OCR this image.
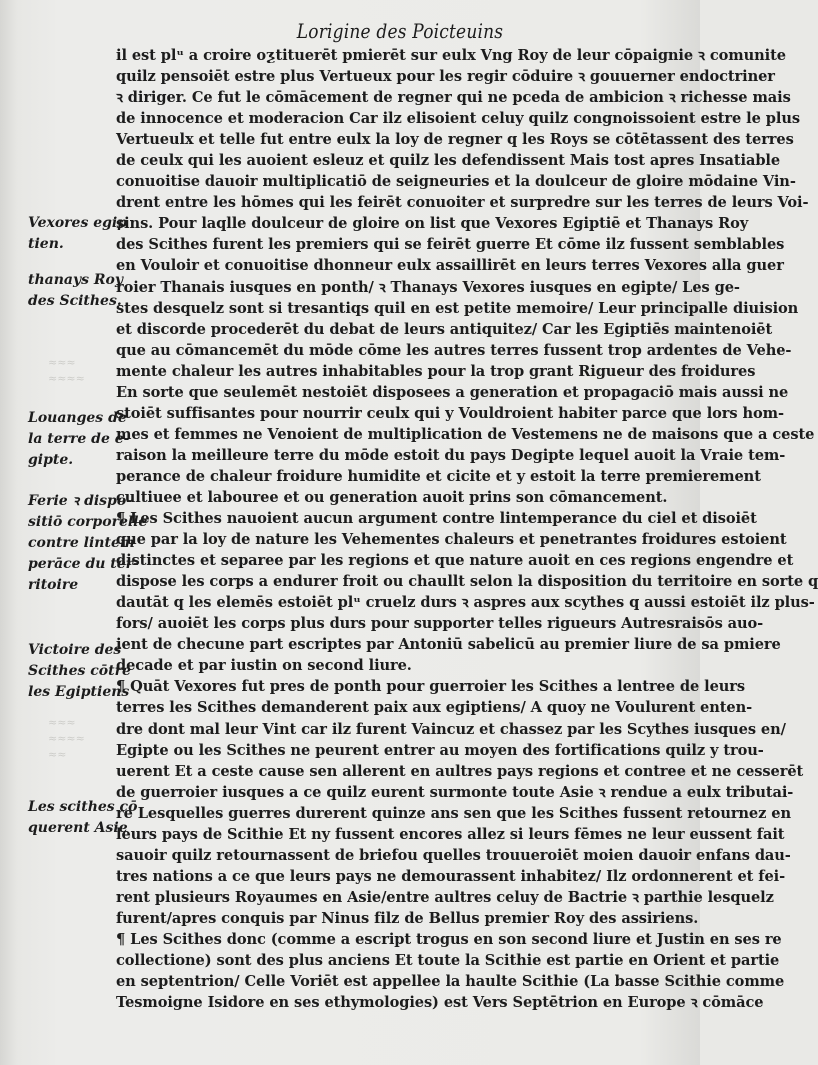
Lorigine des Poicteuins
≈≈≈
≈≈≈≈
≈≈≈
≈≈≈≈
≈≈
il est plᵘ a croire oƺtituerēt pmierēt sur eulx Vng Roy de leur cōpaignie ꝛ comunite
quilz pensoiēt estre plus Vertueux pour les regir cōduire ꝛ gouuerner endoctriner
ꝛ diriger. Ce fut le cōmācement de regner qui ne pceda de ambicion ꝛ richesse mais
de innocence et moderacion Car ilz elisoient celuy quilz congnoissoient estre le plus
Vertueulx et telle fut entre eulx la loy de regner q les Roys se cōtētassent des terres
de ceulx qui les auoient esleuz et quilz les defendissent Mais tost apres Insatiable
conuoitise dauoir multiplicatiō de seigneuries et la doulceur de gloire mōdaine Vin-
drent entre les hōmes qui les feirēt conuoiter et surpredre sur les terres de leurs Voi-
sins. Pour laqlle doulceur de gloire on list que Vexores Egiptiē et Thanays Roy
des Scithes furent les premiers qui se feirēt guerre Et cōme ilz fussent semblables
en Vouloir et conuoitise dhonneur eulx assaillirēt en leurs terres Vexores alla guer
roier Thanais iusques en ponth/ ꝛ Thanays Vexores iusques en egipte/ Les ge-
stes desquelz sont si tresantiqs quil en est petite memoire/ Leur principalle diuision
et discorde procederēt du debat de leurs antiquitez/ Car les Egiptiēs maintenoiēt
que au cōmancemēt du mōde cōme les autres terres fussent trop ardentes de Vehe-
mente chaleur les autres inhabitables pour la trop grant Rigueur des froidures
En sorte que seulemēt nestoiēt disposees a generation et propagaciō mais aussi ne
stoiēt suffisantes pour nourrir ceulx qui y Vouldroient habiter parce que lors hom-
mes et femmes ne Venoient de multiplication de Vestemens ne de maisons que a ceste
raison la meilleure terre du mōde estoit du pays Degipte lequel auoit la Vraie tem-
perance de chaleur froidure humidite et cicite et y estoit la terre premierement
cultiuee et labouree et ou generation auoit prins son cōmancement.
¶ Les Scithes nauoient aucun argument contre lintemperance du ciel et disoiēt
que par la loy de nature les Vehementes chaleurs et penetrantes froidures estoient
distinctes et separee par les regions et que nature auoit en ces regions engendre et
dispose les corps a endurer froit ou chaullt selon la disposition du territoire en sorte q
dautāt q les elemēs estoiēt plᵘ cruelz durs ꝛ aspres aux scythes q aussi estoiēt ilz plus-
fors/ auoiēt les corps plus durs pour supporter telles rigueurs Autresraisōs auo-
ient de checune part escriptes par Antoniū sabelicū au premier liure de sa pmiere
decade et par iustin on second liure.
¶ Quāt Vexores fut pres de ponth pour guerroier les Scithes a lentree de leurs
terres les Scithes demanderent paix aux egiptiens/ A quoy ne Voulurent enten-
dre dont mal leur Vint car ilz furent Vaincuz et chassez par les Scythes iusques en/
Egipte ou les Scithes ne peurent entrer au moyen des fortifications quilz y trou-
uerent Et a ceste cause sen allerent en aultres pays regions et contree et ne cesserēt
de guerroier iusques a ce quilz eurent surmonte toute Asie ꝛ rendue a eulx tributai-
re Lesquelles guerres durerent quinze ans sen que les Scithes fussent retournez en
leurs pays de Scithie Et ny fussent encores allez si leurs fēmes ne leur eussent fait
sauoir quilz retournassent de briefou quelles trouueroiēt moien dauoir enfans dau-
tres nations a ce que leurs pays ne demourassent inhabitez/ Ilz ordonnerent et fei-
rent plusieurs Royaumes en Asie/entre aultres celuy de Bactrie ꝛ parthie lesquelz
furent/apres conquis par Ninus filz de Bellus premier Roy des assiriens.
¶ Les Scithes donc (comme a escript trogus en son second liure et Justin en ses re
collectione) sont des plus anciens Et toute la Scithie est partie en Orient et partie
en septentrion/ Celle Voriēt est appellee la haulte Scithie (La basse Scithie comme
Tesmoigne Isidore en ses ethymologies) est Vers Septētrion en Europe ꝛ cōmāce
Vexores egip
tien.
thanays Roy
des Scithes.
Louanges de
la terre de e-
gipte.
Ferie ꝛ dispo-
sitiō corporelle
contre lintem
perāce du ter-
ritoire
Victoire des
Scithes cōtre
les Egiptiens
Les scithes cō
querent Asie
